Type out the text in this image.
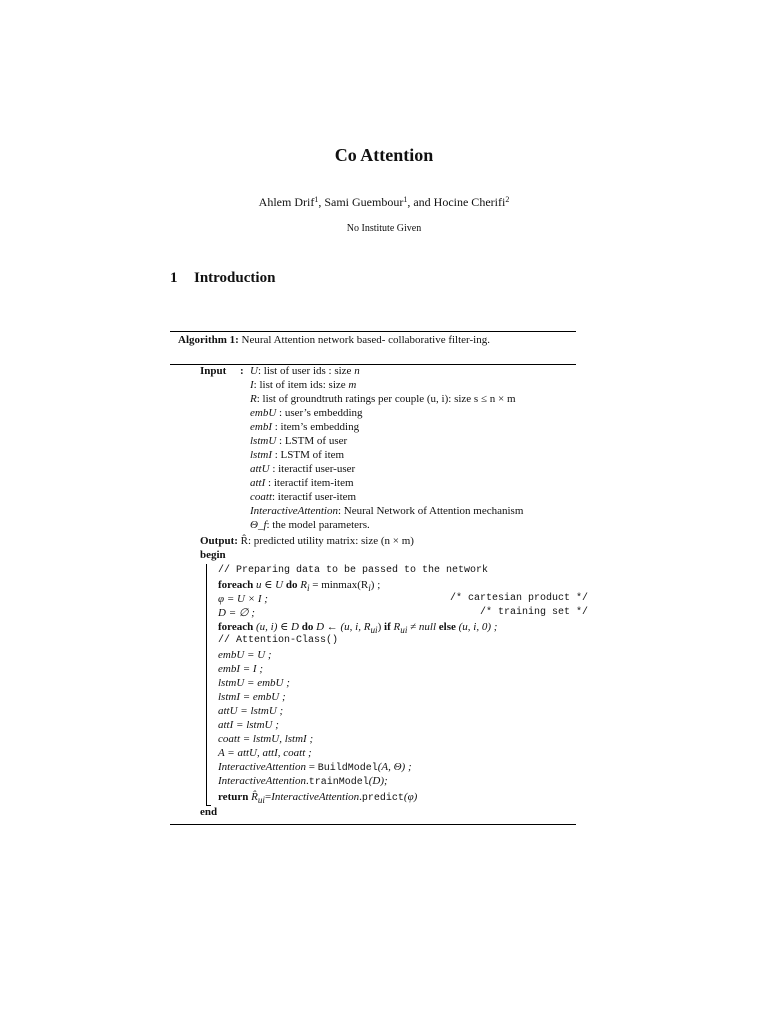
Co Attention
Ahlem Drif$^1$, Sami Guembour$^1$, and Hocine Cherifi$^2$
No Institute Given
1 Introduction
Algorithm 1: Neural Attention network based- collaborative filter-ing.
Input : U: list of user ids : size n
I: list of item ids: size m
R: list of groundtruth ratings per couple (u, i): size s ≤ n × m
embU : user’s embedding
embI : item’s embedding
lstmU : LSTM of user
lstmI : LSTM of item
attU : iteractif user-user
attI : iteractif item-item
coatt: iteractif user-item
InteractiveAttention: Neural Network of Attention mechanism
Θ_f: the model parameters.
Output: R̂: predicted utility matrix: size (n × m)
begin
// Preparing data to be passed to the network
foreach u ∈ U do $R_i = minmax(R_i)$ ;
φ = U × I ;	/* cartesian product */
D = ∅ ;	/* training set */
foreach (u, i) ∈ D do D ← (u, i, $R_{ui}$) if $R_{ui}$ ≠ null else (u, i, 0) ;
// Attention-Class()
embU = U ;
embI = I ;
lstmU = embU ;
lstmI = embU ;
attU = lstmU ;
attI = lstmU ;
coatt = lstmU, lstmI ;
A = attU, attI, coatt ;
InteractiveAttention = BuildModel(A, Θ) ;
InteractiveAttention.trainModel(D);
return $R̂_{ui}=InteractiveAttention.predict(\varphi)$
end
